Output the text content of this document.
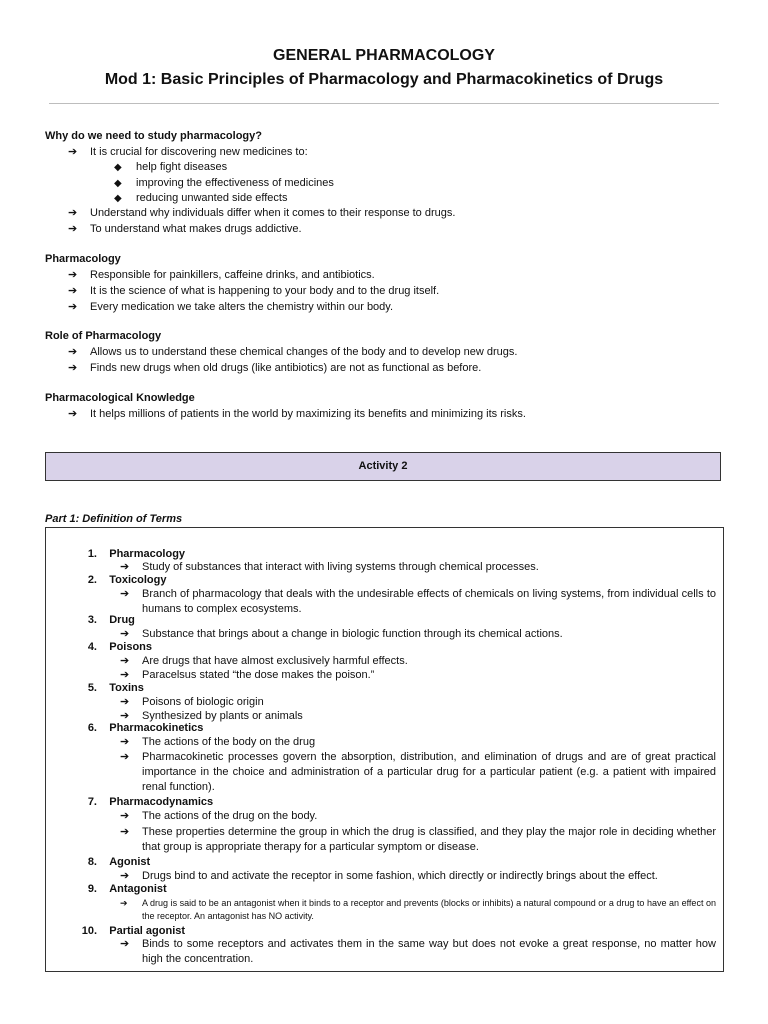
GENERAL PHARMACOLOGY
Mod 1: Basic Principles of Pharmacology and Pharmacokinetics of Drugs
Why do we need to study pharmacology?
➔ It is crucial for discovering new medicines to:
◆ help fight diseases
◆ improving the effectiveness of medicines
◆ reducing unwanted side effects
➔ Understand why individuals differ when it comes to their response to drugs.
➔ To understand what makes drugs addictive.
Pharmacology
➔ Responsible for painkillers, caffeine drinks, and antibiotics.
➔ It is the science of what is happening to your body and to the drug itself.
➔ Every medication we take alters the chemistry within our body.
Role of Pharmacology
➔ Allows us to understand these chemical changes of the body and to develop new drugs.
➔ Finds new drugs when old drugs (like antibiotics) are not as functional as before.
Pharmacological Knowledge
➔ It helps millions of patients in the world by maximizing its benefits and minimizing its risks.
Activity 2
Part 1: Definition of Terms
1. Pharmacology
➔ Study of substances that interact with living systems through chemical processes.
2. Toxicology
➔ Branch of pharmacology that deals with the undesirable effects of chemicals on living systems, from individual cells to humans to complex ecosystems.
3. Drug
➔ Substance that brings about a change in biologic function through its chemical actions.
4. Poisons
➔ Are drugs that have almost exclusively harmful effects.
➔ Paracelsus stated “the dose makes the poison.”
5. Toxins
➔ Poisons of biologic origin
➔ Synthesized by plants or animals
6. Pharmacokinetics
➔ The actions of the body on the drug
➔ Pharmacokinetic processes govern the absorption, distribution, and elimination of drugs and are of great practical importance in the choice and administration of a particular drug for a particular patient (e.g. a patient with impaired renal function).
7. Pharmacodynamics
➔ The actions of the drug on the body.
➔ These properties determine the group in which the drug is classified, and they play the major role in deciding whether that group is appropriate therapy for a particular symptom or disease.
8. Agonist
➔ Drugs bind to and activate the receptor in some fashion, which directly or indirectly brings about the effect.
9. Antagonist
➔ A drug is said to be an antagonist when it binds to a receptor and prevents (blocks or inhibits) a natural compound or a drug to have an effect on the receptor. An antagonist has NO activity.
10. Partial agonist
➔ Binds to some receptors and activates them in the same way but does not evoke a great response, no matter how high the concentration.
